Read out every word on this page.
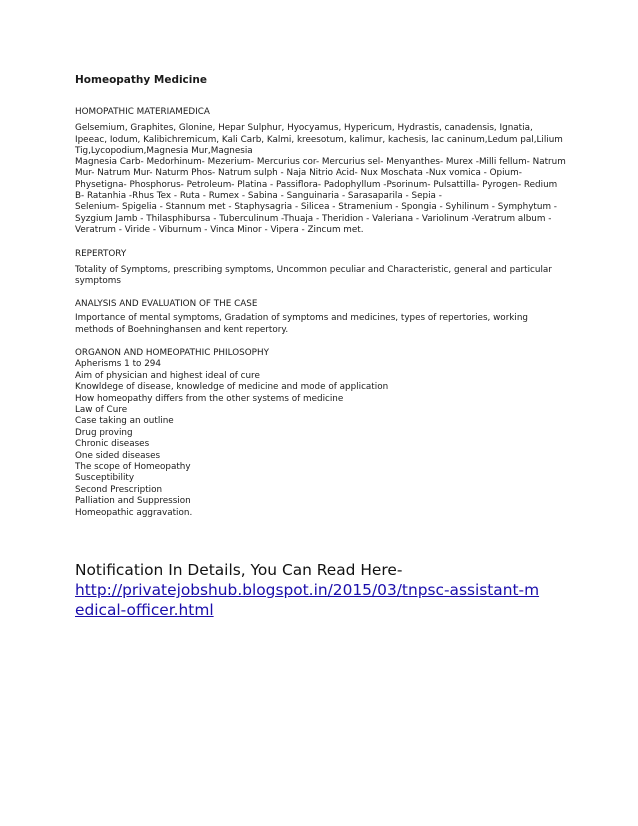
Homeopathy Medicine

HOMOPATHIC MATERIAMEDICA

Gelsemium, Graphites, Glonine, Hepar Sulphur, Hyocyamus, Hypericum, Hydrastis, canadensis, Ignatia, Ipeeac, Iodum, Kalibichremicum, Kali Carb, Kalmi, kreesotum, kalimur, kachesis, lac caninum,Ledum pal,Lilium Tig,Lycopodium,Magnesia Mur,Magnesia

Magnesia Carb- Medorhinum- Mezerium- Mercurius cor- Mercurius sel- Menyanthes- Murex -Milli fellum- Natrum Mur- Natrum Mur- Naturm Phos- Natrum sulph - Naja Nitrio Acid- Nux Moschata -Nux vomica - Opium- Physetigna- Phosphorus- Petroleum- Platina - Passiflora- Padophyllum -Psorinum- Pulsattilla- Pyrogen- Redium B- Ratanhia -Rhus Tex - Ruta - Rumex - Sabina - Sanguinaria - Sarasaparila - Sepia -

Selenium- Spigelia - Stannum met - Staphysagria - Silicea - Stramenium - Spongia - Syhilinum - Symphytum - Syzgium Jamb - Thilasphibursa - Tuberculinum -Thuaja - Theridion - Valeriana - Variolinum -Veratrum album - Veratrum - Viride - Viburnum - Vinca Minor - Vipera - Zincum met.

REPERTORY

Totality of Symptoms, prescribing symptoms, Uncommon peculiar and Characteristic, general and particular symptoms

ANALYSIS AND EVALUATION OF THE CASE

Importance of mental symptoms, Gradation of symptoms and medicines, types of repertories, working methods of Boehninghansen and kent repertory.

ORGANON AND HOMEOPATHIC PHILOSOPHY

Apherisms 1 to 294

Aim of physician and highest ideal of cure

Knowldege of disease, knowledge of medicine and mode of application

How homeopathy differs from the other systems of medicine

Law of Cure

Case taking an outline

Drug proving

Chronic diseases

One sided diseases

The scope of Homeopathy

Susceptibility

Second Prescription

Palliation and Suppression

Homeopathic aggravation.

Notification In Details, You Can Read Here-
http://privatejobshub.blogspot.in/2015/03/tnpsc-assistant-medical-officer.html
